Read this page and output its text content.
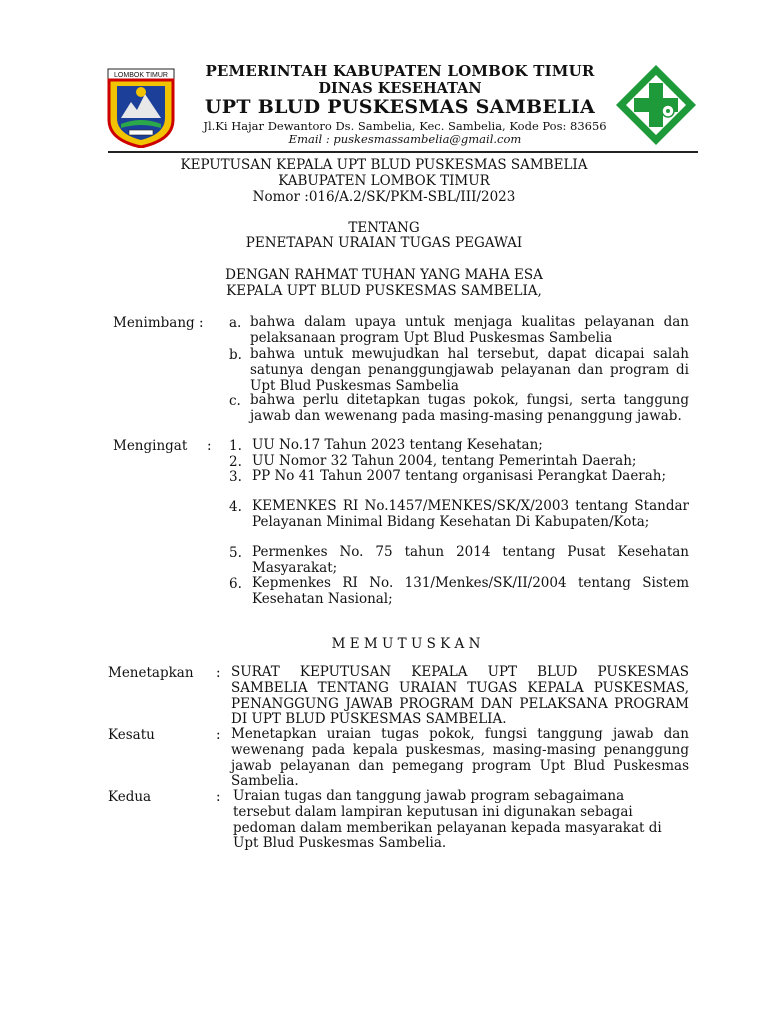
LOMBOK TIMUR	PEMERINTAH KABUPATEN LOMBOK TIMUR
DINAS KESEHATAN
UPT BLUD PUSKESMAS SAMBELIA
Jl.Ki Hajar Dewantoro Ds. Sambelia, Kec. Sambelia, Kode Pos: 83656
Email : puskesmassambelia@gmail.com
KEPUTUSAN KEPALA UPT BLUD PUSKESMAS SAMBELIA
KABUPATEN LOMBOK TIMUR
Nomor :016/A.2/SK/PKM-SBL/III/2023
TENTANG
PENETAPAN URAIAN TUGAS PEGAWAI
DENGAN RAHMAT TUHAN YANG MAHA ESA
KEPALA UPT BLUD PUSKESMAS SAMBELIA,
Menimbang : a. bahwa dalam upaya untuk menjaga kualitas pelayanan dan pelaksanaan program Upt Blud Puskesmas Sambelia
b. bahwa untuk mewujudkan hal tersebut, dapat dicapai salah satunya dengan penanggungjawab pelayanan dan program di Upt Blud Puskesmas Sambelia
c. bahwa perlu ditetapkan tugas pokok, fungsi, serta tanggung jawab dan wewenang pada masing-masing penanggung jawab.
Mengingat : 1. UU No.17 Tahun 2023 tentang Kesehatan;
2. UU Nomor 32 Tahun 2004, tentang Pemerintah Daerah;
3. PP No 41 Tahun 2007 tentang organisasi Perangkat Daerah;
4. KEMENKES RI No.1457/MENKES/SK/X/2003 tentang Standar Pelayanan Minimal Bidang Kesehatan Di Kabupaten/Kota;
5. Permenkes No. 75 tahun 2014 tentang Pusat Kesehatan Masyarakat;
6. Kepmenkes RI No. 131/Menkes/SK/II/2004 tentang Sistem Kesehatan Nasional;
M E M U T U S K A N
Menetapkan : SURAT KEPUTUSAN KEPALA UPT BLUD PUSKESMAS SAMBELIA TENTANG URAIAN TUGAS KEPALA PUSKESMAS, PENANGGUNG JAWAB PROGRAM DAN PELAKSANA PROGRAM DI UPT BLUD PUSKESMAS SAMBELIA.
Kesatu	: Menetapkan uraian tugas pokok, fungsi tanggung jawab dan wewenang pada kepala puskesmas, masing-masing penanggung jawab pelayanan dan pemegang program Upt Blud Puskesmas Sambelia.
Kedua	: Uraian tugas dan tanggung jawab program sebagaimana tersebut dalam lampiran keputusan ini digunakan sebagai pedoman dalam memberikan pelayanan kepada masyarakat di Upt Blud Puskesmas Sambelia.
